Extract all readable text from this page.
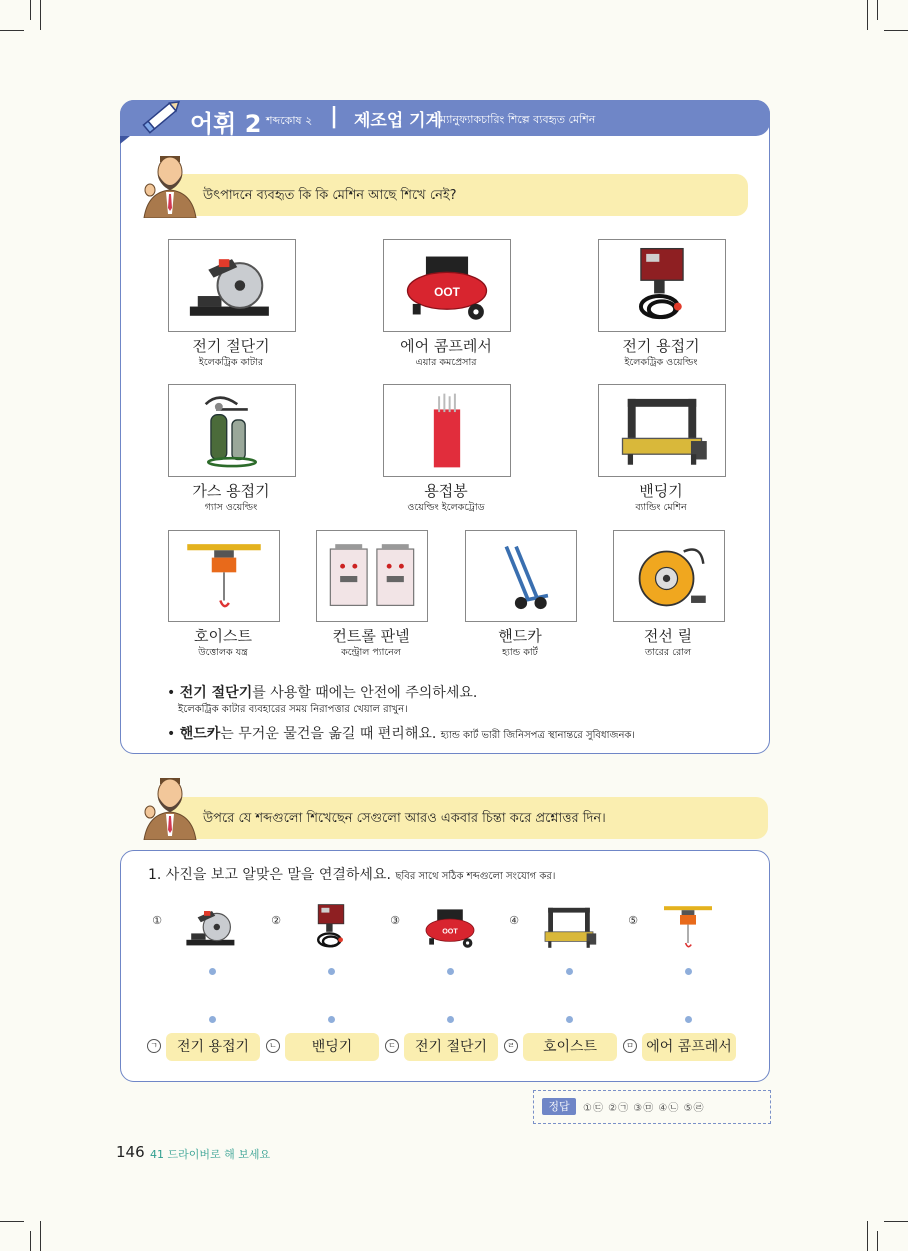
어휘 2 শব্দকোষ ২ | 제조업 기계
ম্যানুফ্যাকচারিং শিল্পে ব্যবহৃত মেশিন
উৎপাদনে ব্যবহৃত কি কি মেশিন আছে শিখে নেই?
전기 절단기
ইলেকট্রিক কাটার
OOT
에어 콤프레서
এয়ার কমপ্রেসার
전기 용접기
ইলেকট্রিক ওয়েল্ডিং
가스 용접기
গ্যাস ওয়েল্ডিং
용접봉
ওয়েল্ডিং ইলেকট্রোড
밴딩기
ব্যান্ডিং মেশিন
호이스트
উত্তোলক যন্ত্র
컨트롤 판넬
কন্ট্রোল প্যানেল
핸드카
হ্যান্ড কার্ট
전선 릴
তারের রোল
• 전기 절단기를 사용할 때에는 안전에 주의하세요.
ইলেকট্রিক কাটার ব্যবহারের সময় নিরাপত্তার খেয়াল রাখুন।
• 핸드카는 무거운 물건을 옮길 때 편리해요. হ্যান্ড কার্ট ভারী জিনিসপত্র স্থানান্তরে সুবিধাজনক।
উপরে যে শব্দগুলো শিখেছেন সেগুলো আরও একবার চিন্তা করে প্রশ্নোত্তর দিন।
1. 사진을 보고 알맞은 말을 연결하세요. ছবির সাথে সঠিক শব্দগুলো সংযোগ কর।
①
ㄱ	전기 용접기
②
ㄴ	밴딩기
③
OOT
ㄷ	전기 절단기
④
ㄹ	호이스트
⑤
ㅁ 에어 콤프레서
정답	①㉢ ②㉠ ③㉤ ④㉡ ⑤㉣
146 41 드라이버로 해 보세요
